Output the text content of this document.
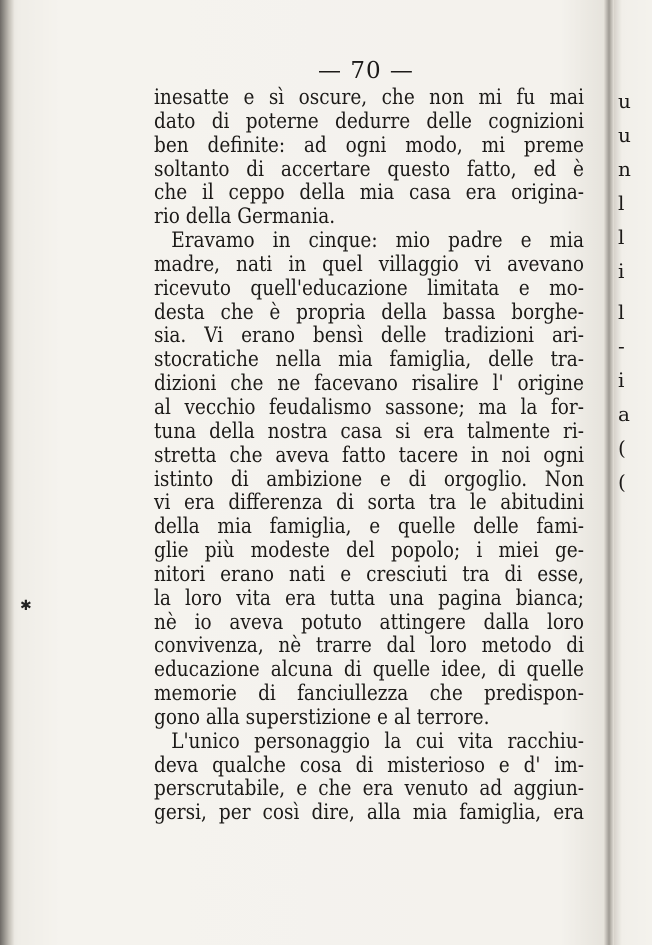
— 70 —
inesatte e sì oscure, che non mi fu mai
dato di poterne dedurre delle cognizioni
ben definite: ad ogni modo, mi preme
soltanto di accertare questo fatto, ed è
che il ceppo della mia casa era origina-
rio della Germania.
Eravamo in cinque: mio padre e mia
madre, nati in quel villaggio vi avevano
ricevuto quell'educazione limitata e mo-
desta che è propria della bassa borghe-
sia. Vi erano bensì delle tradizioni ari-
stocratiche nella mia famiglia, delle tra-
dizioni che ne facevano risalire l' origine
al vecchio feudalismo sassone; ma la for-
tuna della nostra casa si era talmente ri-
stretta che aveva fatto tacere in noi ogni
istinto di ambizione e di orgoglio. Non
vi era differenza di sorta tra le abitudini
della mia famiglia, e quelle delle fami-
glie più modeste del popolo; i miei ge-
nitori erano nati e cresciuti tra di esse,
la loro vita era tutta una pagina bianca;
nè io aveva potuto attingere dalla loro
convivenza, nè trarre dal loro metodo di
educazione alcuna di quelle idee, di quelle
memorie di fanciullezza che predispon-
gono alla superstizione e al terrore.
L'unico personaggio la cui vita racchiu-
deva qualche cosa di misterioso e d' im-
perscrutabile, e che era venuto ad aggiun-
gersi, per così dire, alla mia famiglia, era
u
u
n
l
l
i
l
-
i
a
(
(
✱
